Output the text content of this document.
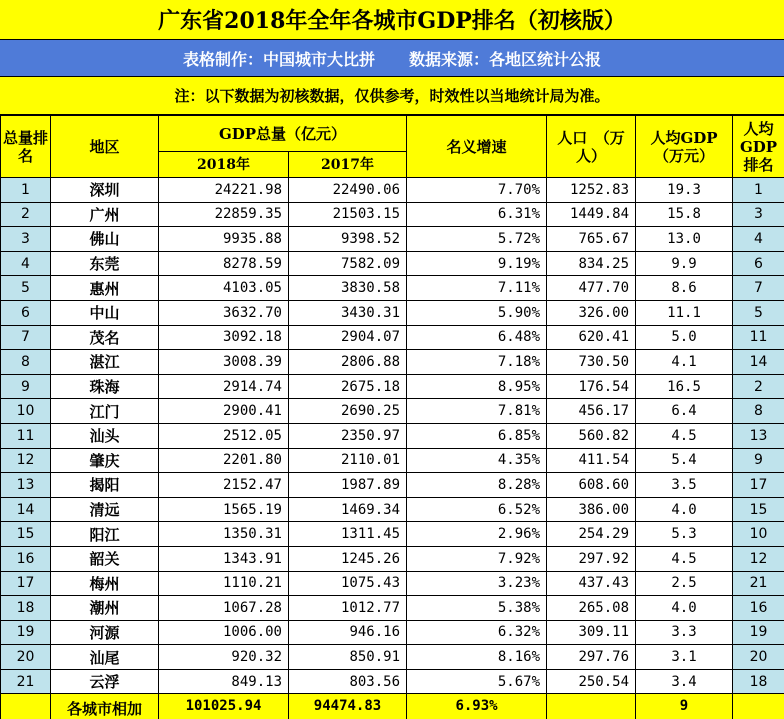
广东省2018年全年各城市GDP排名（初核版）
表格制作：中国城市大比拼 数据来源：各地区统计公报
注：以下数据为初核数据，仅供参考，时效性以当地统计局为准。
总量排名	地区	GDP总量（亿元）		名义增速	人口　（万人）	人均GDP（万元）	人均GDP排名
		2018年	2017年				
1	深圳	24221.98	22490.06	7.70%	1252.83	19.3	1
2	广州	22859.35	21503.15	6.31%	1449.84	15.8	3
3	佛山	9935.88	9398.52	5.72%	765.67	13.0	4
4	东莞	8278.59	7582.09	9.19%	834.25	9.9	6
5	惠州	4103.05	3830.58	7.11%	477.70	8.6	7
6	中山	3632.70	3430.31	5.90%	326.00	11.1	5
7	茂名	3092.18	2904.07	6.48%	620.41	5.0	11
8	湛江	3008.39	2806.88	7.18%	730.50	4.1	14
9	珠海	2914.74	2675.18	8.95%	176.54	16.5	2
10	江门	2900.41	2690.25	7.81%	456.17	6.4	8
11	汕头	2512.05	2350.97	6.85%	560.82	4.5	13
12	肇庆	2201.80	2110.01	4.35%	411.54	5.4	9
13	揭阳	2152.47	1987.89	8.28%	608.60	3.5	17
14	清远	1565.19	1469.34	6.52%	386.00	4.0	15
15	阳江	1350.31	1311.45	2.96%	254.29	5.3	10
16	韶关	1343.91	1245.26	7.92%	297.92	4.5	12
17	梅州	1110.21	1075.43	3.23%	437.43	2.5	21
18	潮州	1067.28	1012.77	5.38%	265.08	4.0	16
19	河源	1006.00	946.16	6.32%	309.11	3.3	19
20	汕尾	920.32	850.91	8.16%	297.76	3.1	20
21	云浮	849.13	803.56	5.67%	250.54	3.4	18
	各城市相加	101025.94	94474.83	6.93%		9	
